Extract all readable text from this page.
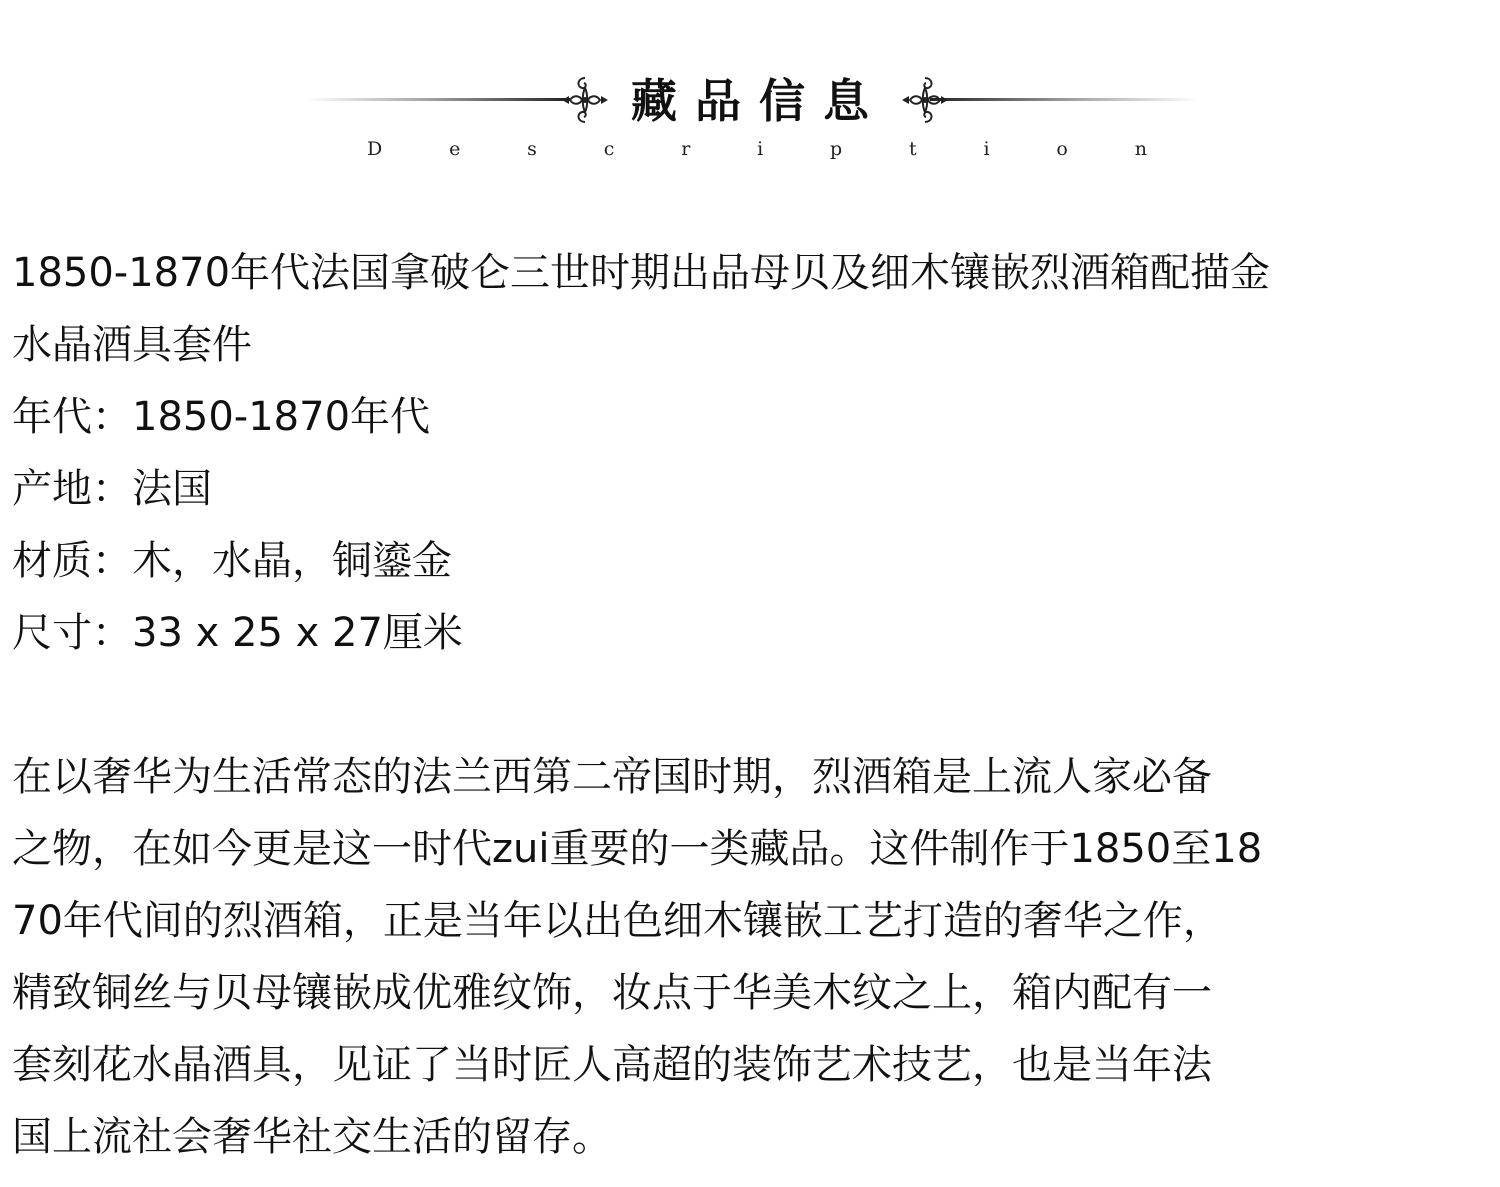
藏品信息
D	e	s	c	r	i	p	t	i	o	n
1850-1870年代法国拿破仑三世时期出品母贝及细木镶嵌烈酒箱配描金
水晶酒具套件
年代：1850-1870年代
产地：法国
材质：木，水晶，铜鎏金
尺寸：33 x 25 x 27厘米
在以奢华为生活常态的法兰西第二帝国时期，烈酒箱是上流人家必备
之物，在如今更是这一时代zui重要的一类藏品。这件制作于1850至18
70年代间的烈酒箱，正是当年以出色细木镶嵌工艺打造的奢华之作，
精致铜丝与贝母镶嵌成优雅纹饰，妆点于华美木纹之上，箱内配有一
套刻花水晶酒具，见证了当时匠人高超的装饰艺术技艺，也是当年法
国上流社会奢华社交生活的留存。
